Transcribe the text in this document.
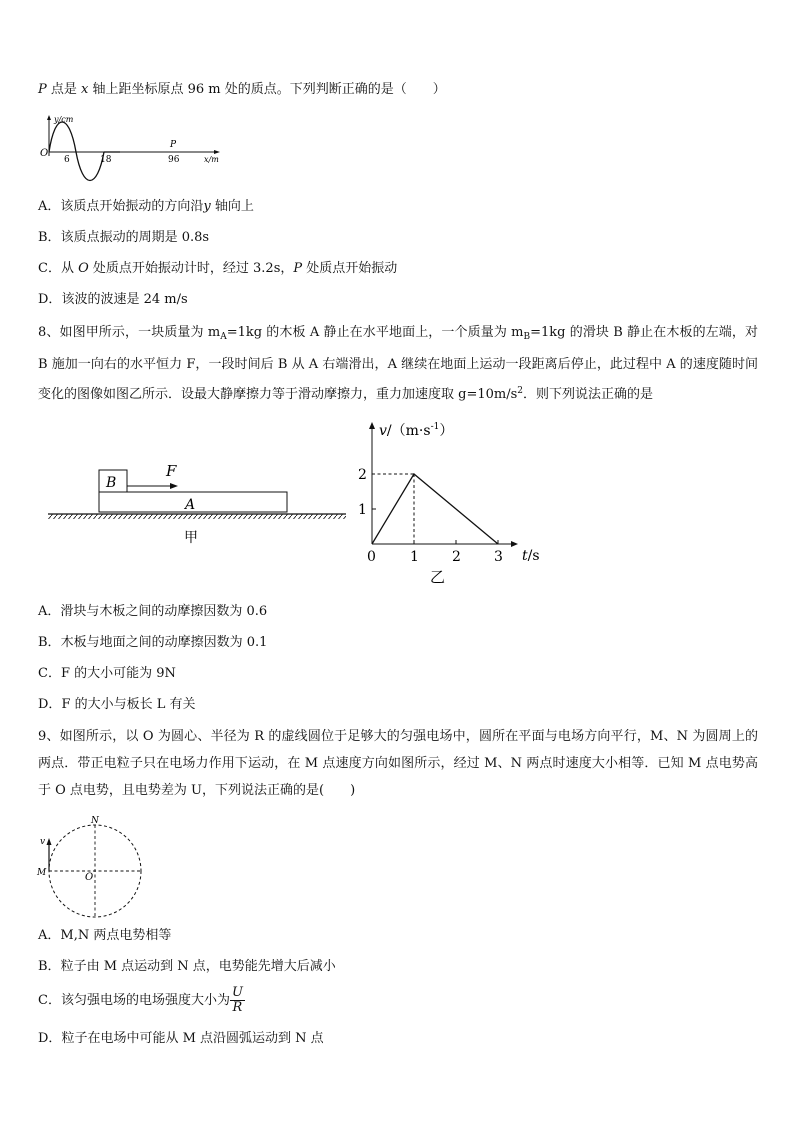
P 点是 x 轴上距坐标原点 96 m 处的质点。下列判断正确的是（　　）
y/cm
O
6	18
P
96	x/m
A．该质点开始振动的方向沿y 轴向上
B．该质点振动的周期是 0.8s
C．从 O 处质点开始振动计时，经过 3.2s，P 处质点开始振动
D．该波的波速是 24 m/s
8、如图甲所示，一块质量为 $m_A=1kg$ 的木板 A 静止在水平地面上，一个质量为 $m_B=1kg$ 的滑块 B 静止在木板的左端，对 B 施加一向右的水平恒力 F，一段时间后 B 从 A 右端滑出，A 继续在地面上运动一段距离后停止，此过程中 A 的速度随时间变化的图像如图乙所示．设最大静摩擦力等于滑动摩擦力，重力加速度取 $g=10m/s^2$．则下列说法正确的是
B
F
A
甲
$v/(m\cdot s^{-1})$
t/s
乙
2
1
0 1 2 3
A．滑块与木板之间的动摩擦因数为 0.6
B．木板与地面之间的动摩擦因数为 0.1
C．F 的大小可能为 9N
D．F 的大小与板长 L 有关
9、如图所示，以 O 为圆心、半径为 R 的虚线圆位于足够大的匀强电场中，圆所在平面与电场方向平行，M、N 为圆周上的两点．带正电粒子只在电场力作用下运动，在 M 点速度方向如图所示，经过 M、N 两点时速度大小相等．已知 M 点电势高于 O 点电势，且电势差为 U，下列说法正确的是(　　)
N
v
M	O
A．M,N 两点电势相等
B．粒子由 M 点运动到 N 点，电势能先增大后减小
C．该匀强电场的电场强度大小为 $\frac{U}{R}$
D．粒子在电场中可能从 M 点沿圆弧运动到 N 点
